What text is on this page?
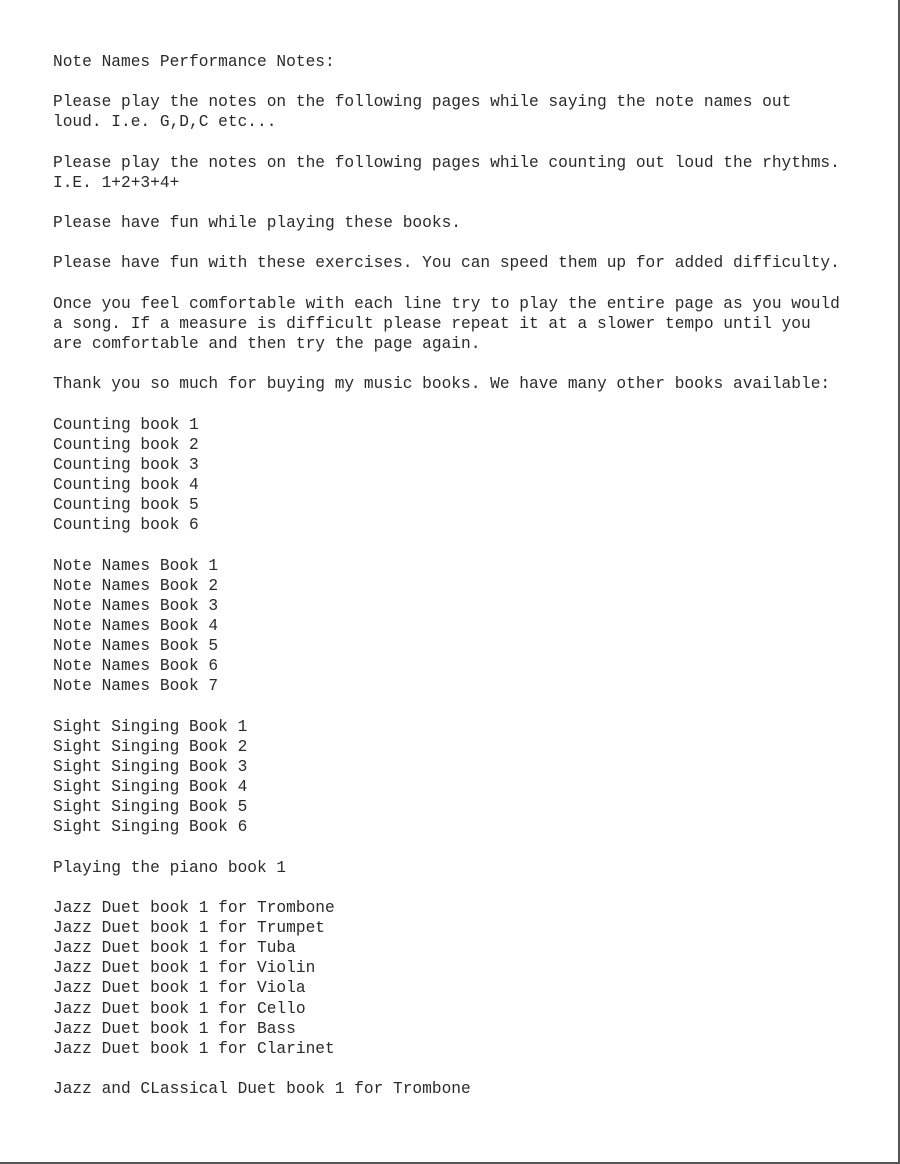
Note Names Performance Notes:
Please play the notes on the following pages while saying the note names out
loud. I.e. G,D,C etc...
Please play the notes on the following pages while counting out loud the rhythms.
I.E. 1+2+3+4+
Please have fun while playing these books.
Please have fun with these exercises. You can speed them up for added difficulty.
Once you feel comfortable with each line try to play the entire page as you would
a song. If a measure is difficult please repeat it at a slower tempo until you
are comfortable and then try the page again.
Thank you so much for buying my music books. We have many other books available:
Counting book 1
Counting book 2
Counting book 3
Counting book 4
Counting book 5
Counting book 6
Note Names Book 1
Note Names Book 2
Note Names Book 3
Note Names Book 4
Note Names Book 5
Note Names Book 6
Note Names Book 7
Sight Singing Book 1
Sight Singing Book 2
Sight Singing Book 3
Sight Singing Book 4
Sight Singing Book 5
Sight Singing Book 6
Playing the piano book 1
Jazz Duet book 1 for Trombone
Jazz Duet book 1 for Trumpet
Jazz Duet book 1 for Tuba
Jazz Duet book 1 for Violin
Jazz Duet book 1 for Viola
Jazz Duet book 1 for Cello
Jazz Duet book 1 for Bass
Jazz Duet book 1 for Clarinet
Jazz and CLassical Duet book 1 for Trombone
